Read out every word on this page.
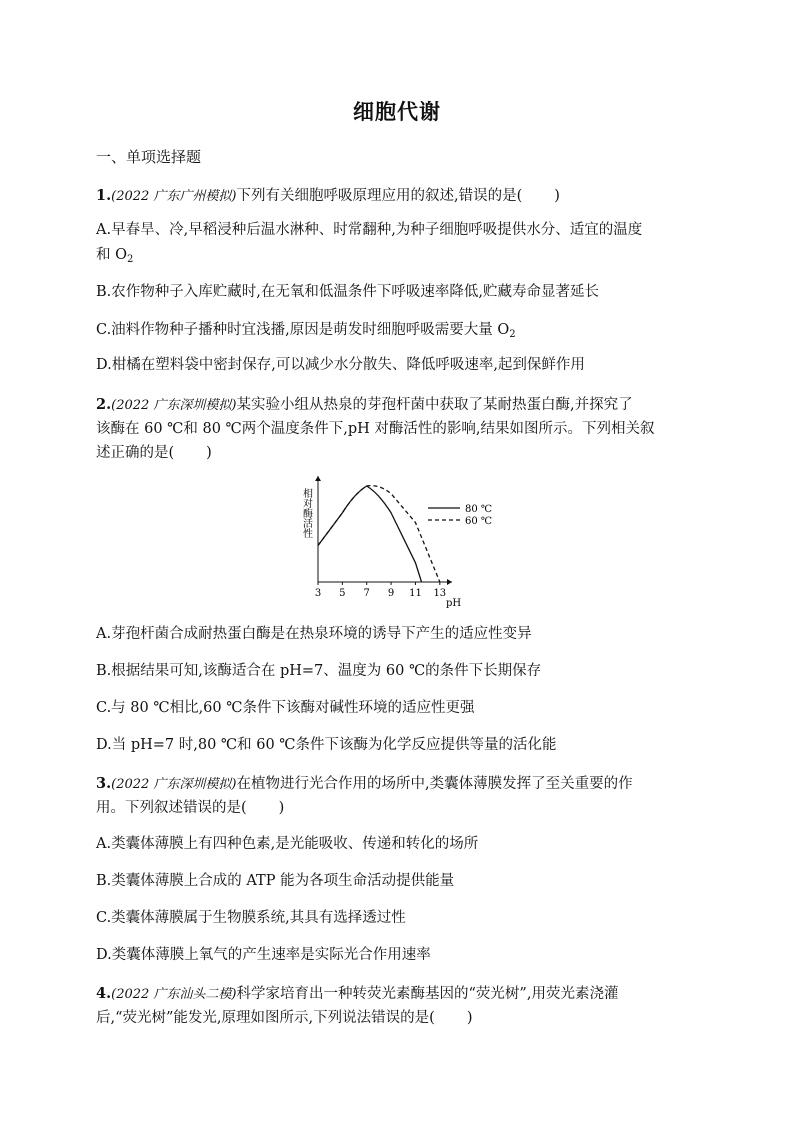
细胞代谢
一、单项选择题
1.(2022 广东广州模拟)下列有关细胞呼吸原理应用的叙述,错误的是( )
A.早春旱、冷,早稻浸种后温水淋种、时常翻种,为种子细胞呼吸提供水分、适宜的温度
和 $O_2$
B.农作物种子入库贮藏时,在无氧和低温条件下呼吸速率降低,贮藏寿命显著延长
C.油料作物种子播种时宜浅播,原因是萌发时细胞呼吸需要大量 $O_2$
D.柑橘在塑料袋中密封保存,可以减少水分散失、降低呼吸速率,起到保鲜作用
2.(2022 广东深圳模拟)某实验小组从热泉的芽孢杆菌中获取了某耐热蛋白酶,并探究了
该酶在 60 ℃和 80 ℃两个温度条件下,pH 对酶活性的影响,结果如图所示。下列相关叙
述正确的是( )
相对酶活性
pH
3 5 7 9 11 13
80 ℃
60 ℃
A.芽孢杆菌合成耐热蛋白酶是在热泉环境的诱导下产生的适应性变异
B.根据结果可知,该酶适合在 pH=7、温度为 60 ℃的条件下长期保存
C.与 80 ℃相比,60 ℃条件下该酶对碱性环境的适应性更强
D.当 pH=7 时,80 ℃和 60 ℃条件下该酶为化学反应提供等量的活化能
3.(2022 广东深圳模拟)在植物进行光合作用的场所中,类囊体薄膜发挥了至关重要的作
用。下列叙述错误的是( )
A.类囊体薄膜上有四种色素,是光能吸收、传递和转化的场所
B.类囊体薄膜上合成的 ATP 能为各项生命活动提供能量
C.类囊体薄膜属于生物膜系统,其具有选择透过性
D.类囊体薄膜上氧气的产生速率是实际光合作用速率
4.(2022 广东汕头二模)科学家培育出一种转荧光素酶基因的“荧光树”,用荧光素浇灌
后,“荧光树”能发光,原理如图所示,下列说法错误的是( )
